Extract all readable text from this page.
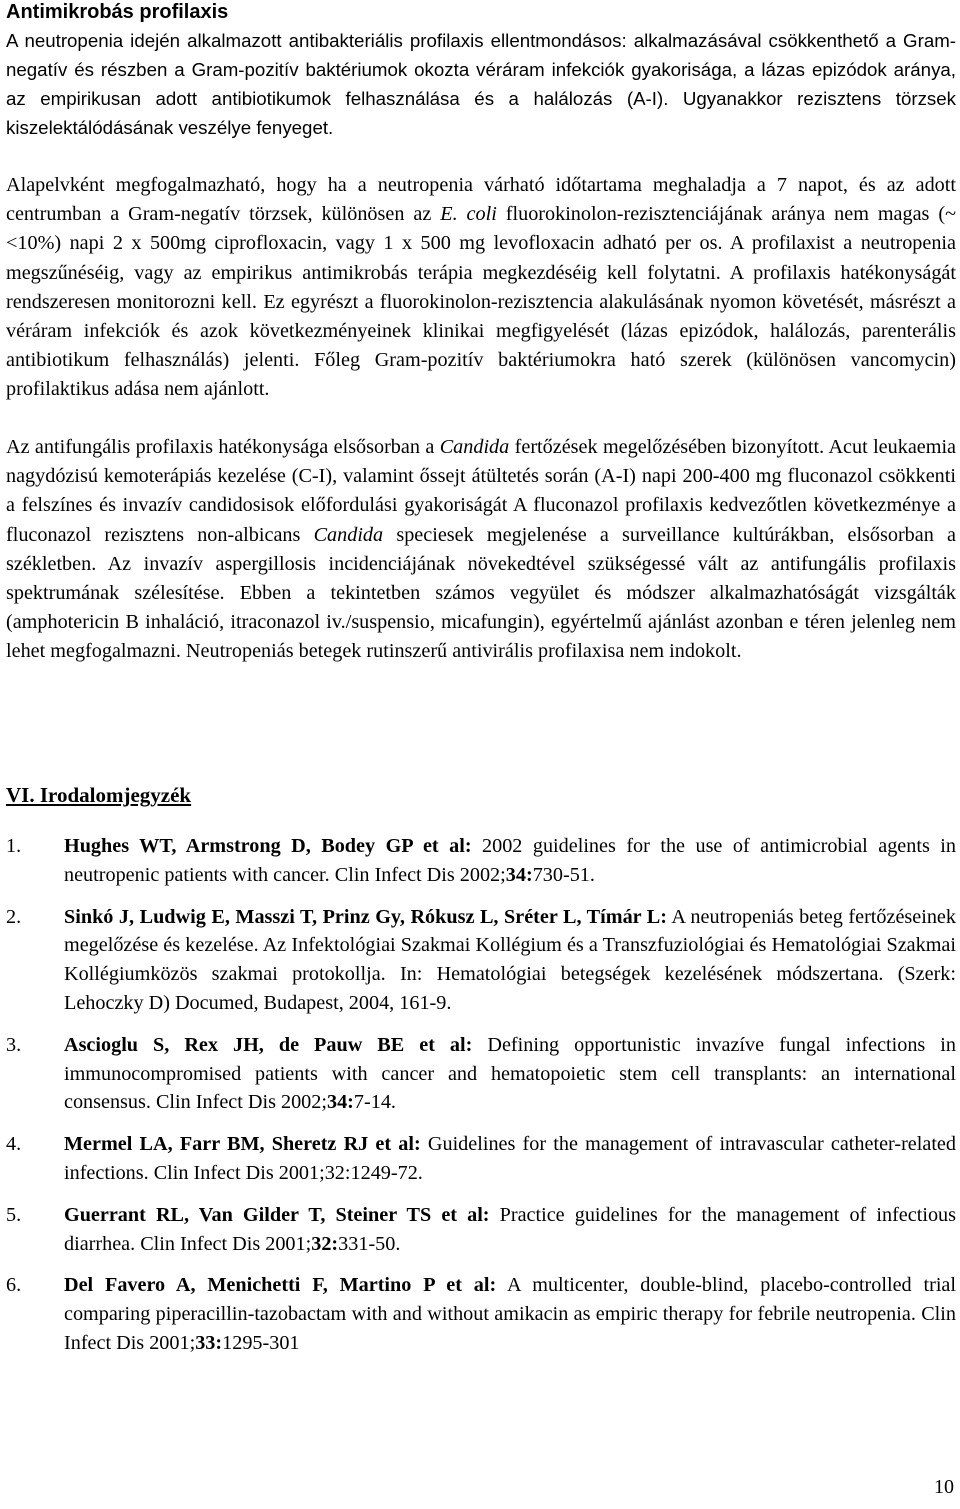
Antimikrobás profilaxis
A neutropenia idején alkalmazott antibakteriális profilaxis ellentmondásos: alkalmazásával csökkenthető a Gram-negatív és részben a Gram-pozitív baktériumok okozta véráram infekciók gyakorisága, a lázas epizódok aránya, az empirikusan adott antibiotikumok felhasználása és a halálozás (A-I). Ugyanakkor rezisztens törzsek kiszelektálódásának veszélye fenyeget.
Alapelvként megfogalmazható, hogy ha a neutropenia várható időtartama meghaladja a 7 napot, és az adott centrumban a Gram-negatív törzsek, különösen az E. coli fluorokinolon-rezisztenciájának aránya nem magas (~<10%) napi 2 x 500mg ciprofloxacin, vagy 1 x 500 mg levofloxacin adható per os. A profilaxist a neutropenia megszűnéséig, vagy az empirikus antimikrobás terápia megkezdéséig kell folytatni. A profilaxis hatékonyságát rendszeresen monitorozni kell. Ez egyrészt a fluorokinolon-rezisztencia alakulásának nyomon követését, másrészt a véráram infekciók és azok következményeinek klinikai megfigyelését (lázas epizódok, halálozás, parenterális antibiotikum felhasználás) jelenti. Főleg Gram-pozitív baktériumokra ható szerek (különösen vancomycin) profilaktikus adása nem ajánlott.
Az antifungális profilaxis hatékonysága elsősorban a Candida fertőzések megelőzésében bizonyított. Acut leukaemia nagydózisú kemoterápiás kezelése (C-I), valamint őssejt átültetés során (A-I) napi 200-400 mg fluconazol csökkenti a felszínes és invazív candidosisok előfordulási gyakoriságát A fluconazol profilaxis kedvezőtlen következménye a fluconazol rezisztens non-albicans Candida speciesek megjelenése a surveillance kultúrákban, elsősorban a székletben. Az invazív aspergillosis incidenciájának növekedtével szükségessé vált az antifungális profilaxis spektrumának szélesítése. Ebben a tekintetben számos vegyület és módszer alkalmazhatóságát vizsgálták (amphotericin B inhaláció, itraconazol iv./suspensio, micafungin), egyértelmű ajánlást azonban e téren jelenleg nem lehet megfogalmazni. Neutropeniás betegek rutinszerű antivirális profilaxisa nem indokolt.
VI. Irodalomjegyzék
1. Hughes WT, Armstrong D, Bodey GP et al: 2002 guidelines for the use of antimicrobial agents in neutropenic patients with cancer. Clin Infect Dis 2002;34:730-51.
2. Sinkó J, Ludwig E, Masszi T, Prinz Gy, Rókusz L, Sréter L, Tímár L: A neutropeniás beteg fertőzéseinek megelőzése és kezelése. Az Infektológiai Szakmai Kollégium és a Transzfuziológiai és Hematológiai Szakmai Kollégiumközös szakmai protokollja. In: Hematológiai betegségek kezelésének módszertana. (Szerk: Lehoczky D) Documed, Budapest, 2004, 161-9.
3. Ascioglu S, Rex JH, de Pauw BE et al: Defining opportunistic invazíve fungal infections in immunocompromised patients with cancer and hematopoietic stem cell transplants: an international consensus. Clin Infect Dis 2002;34:7-14.
4. Mermel LA, Farr BM, Sheretz RJ et al: Guidelines for the management of intravascular catheter-related infections. Clin Infect Dis 2001;32:1249-72.
5. Guerrant RL, Van Gilder T, Steiner TS et al: Practice guidelines for the management of infectious diarrhea. Clin Infect Dis 2001;32:331-50.
6. Del Favero A, Menichetti F, Martino P et al: A multicenter, double-blind, placebo-controlled trial comparing piperacillin-tazobactam with and without amikacin as empiric therapy for febrile neutropenia. Clin Infect Dis 2001;33:1295-301
10
